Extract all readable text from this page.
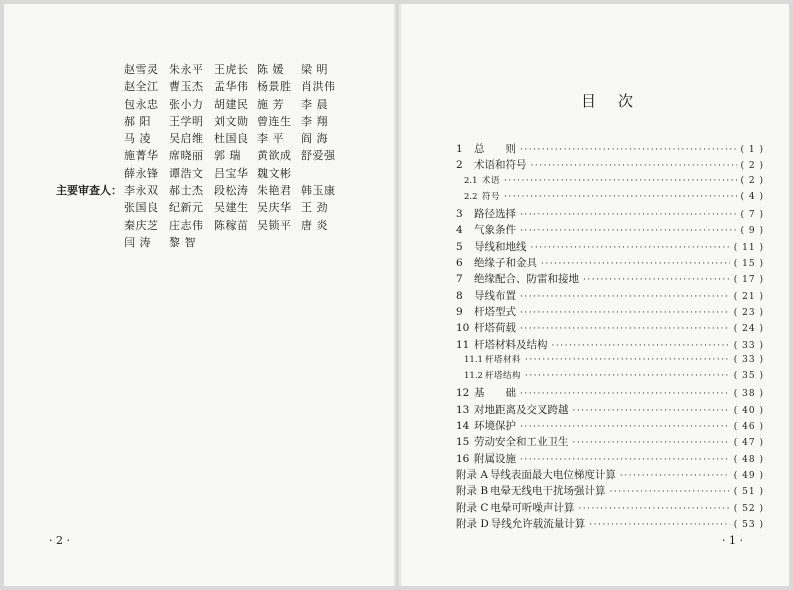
赵雪灵 朱永平 王虎长 陈 媛	梁 明
赵全江 曹玉杰 孟华伟 杨景胜 肖洪伟
包永忠 张小力 胡建民 施 芳	李 晨
郝 阳	王学明 刘文勋 曾连生 李 翔
马 凌	吴启维 杜国良 李 平	阎 海
施菁华 席晓丽 郭 瑞	黄欲成 舒爱强
薛永锋 谭浩文 吕宝华 魏文彬
主要审查人： 李永双 郝士杰 段松涛 朱艳君 韩玉康
张国良 纪新元 吴建生 吴庆华 王 劲
秦庆芝 庄志伟 陈稼苗 吴锁平 唐 炎
闫 涛	黎 智
· 2 ·
目次
1	总　　则 ·····	( 1 )
2	术语和符号 ·····	( 2 )
2.1 术语 ·····	( 2 )
2.2 符号 ·····	( 4 )
3	路径选择 ·····	( 7 )
4	气象条件 ·····	( 9 )
5	导线和地线 ·····	( 11 )
6	绝缘子和金具 ·····	( 15 )
7	绝缘配合、防雷和接地 ·····	( 17 )
8	导线布置 ·····	( 21 )
9	杆塔型式 ·····	( 23 )
10 杆塔荷载 ·····	( 24 )
11 杆塔材料及结构 ·····	( 33 )
11.1 杆塔材料 ·····	( 33 )
11.2 杆塔结构 ·····	( 35 )
12 基　　础 ·····	( 38 )
13 对地距离及交叉跨越 ·····	( 40 )
14 环境保护 ·····	( 46 )
15 劳动安全和工业卫生 ·····	( 47 )
16 附属设施 ·····	( 48 )
附录 A 导线表面最大电位梯度计算 ·····	( 49 )
附录 B 电晕无线电干扰场强计算 ·····	( 51 )
附录 C 电晕可听噪声计算 ·····	( 52 )
附录 D 导线允许载流量计算 ·····	( 53 )
· 1 ·
